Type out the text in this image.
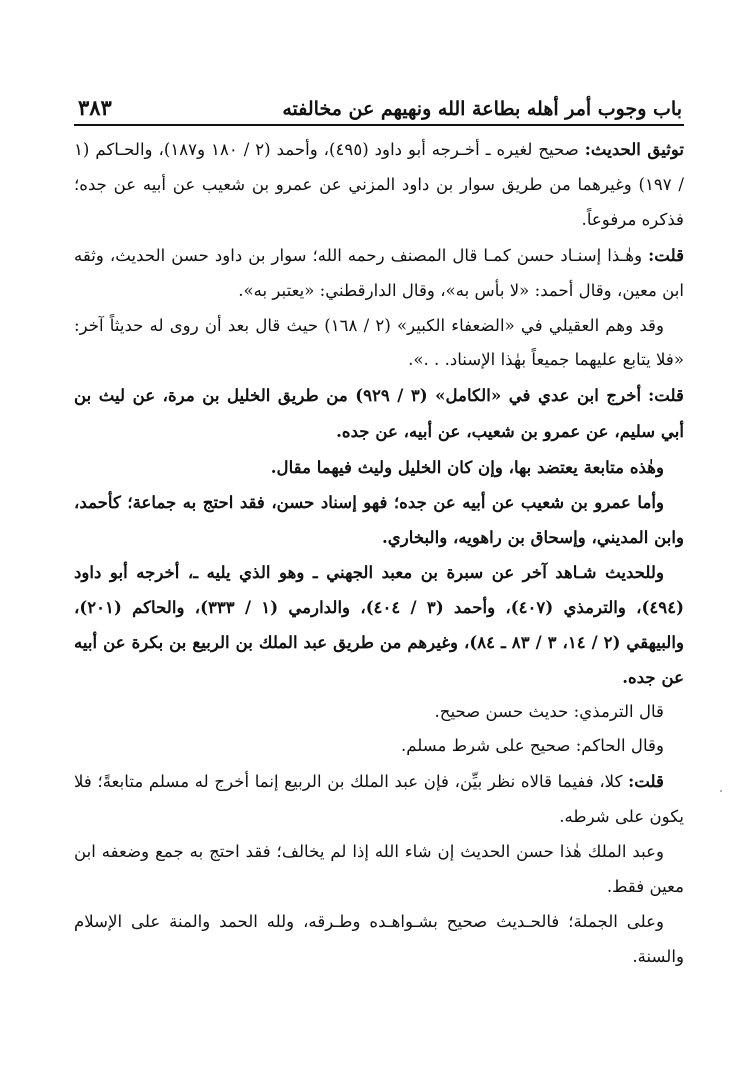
باب وجوب أمر أهله بطاعة الله ونهيهم عن مخالفته
٣٨٣

توثيق الحديث: صحيح لغيره ـ أخـرجه أبو داود (٤٩٥)، وأحمد (٢ / ١٨٠ و١٨٧)، والحـاكم (١ / ١٩٧) وغيرهما من طريق سوار بن داود المزني عن عمرو بن شعيب عن أبيه عن جده؛ فذكره مرفوعاً.

قلت: وهٰـذا إسنـاد حسن كمـا قال المصنف رحمه الله؛ سوار بن داود حسن الحديث، وثقه ابن معين، وقال أحمد: «لا بأس به»، وقال الدارقطني: «يعتبر به».

وقد وهم العقيلي في «الضعفاء الكبير» (٢ / ١٦٨) حيث قال بعد أن روى له حديثاً آخر: «فلا يتابع عليهما جميعاً بهٰذا الإسناد. . .».

قلت: أخرج ابن عدي في «الكامل» (٣ / ٩٢٩) من طريق الخليل بن مرة، عن ليث بن أبي سليم، عن عمرو بن شعيب، عن أبيه، عن جده.

وهٰذه متابعة يعتضد بها، وإن كان الخليل وليث فيهما مقال.

وأما عمرو بن شعيب عن أبيه عن جده؛ فهو إسناد حسن، فقد احتج به جماعة؛ كأحمد، وابن المديني، وإسحاق بن راهويه، والبخاري.

وللحديث شـاهد آخر عن سبرة بن معبد الجهني ـ وهو الذي يليه ـ، أخرجه أبو داود (٤٩٤)، والترمذي (٤٠٧)، وأحمد (٣ / ٤٠٤)، والدارمي (١ / ٣٣٣)، والحاكم (٢٠١)، والبيهقي (٢ / ١٤، ٣ / ٨٣ ـ ٨٤)، وغيرهم من طريق عبد الملك بن الربيع بن بكرة عن أبيه عن جده.

قال الترمذي: حديث حسن صحيح.

وقال الحاكم: صحيح على شرط مسلم.

قلت: كلا، ففيما قالاه نظر بيِّن، فإن عبد الملك بن الربيع إنما أخرج له مسلم متابعةً؛ فلا يكون على شرطه.

وعبد الملك هٰذا حسن الحديث إن شاء الله إذا لم يخالف؛ فقد احتج به جمع وضعفه ابن معين فقط.

وعلى الجملة؛ فالحـديث صحيح بشـواهـده وطـرقه، ولله الحمد والمنة على الإسلام والسنة.
